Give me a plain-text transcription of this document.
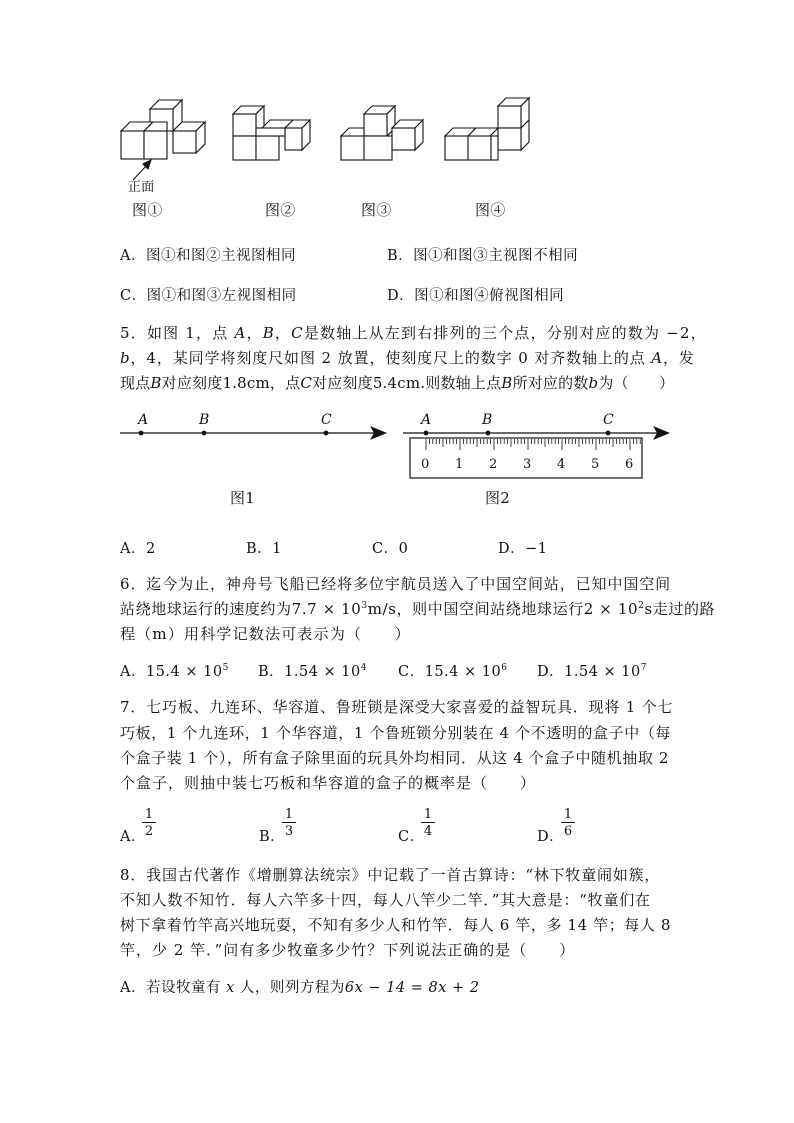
正面
图①	图②	图③	图④
A．图①和图②主视图相同	B．图①和图③主视图不相同
C．图①和图③左视图相同	D．图①和图④俯视图相同
5．如图 1，点 A，B，C是数轴上从左到右排列的三个点，分别对应的数为 −2，
b，4，某同学将刻度尺如图 2 放置，使刻度尺上的数字 0 对齐数轴上的点 A，发
现点B对应刻度1.8cm，点C对应刻度5.4cm.则数轴上点B所对应的数b为（　　）
A	B	C
图1
A	B	C
0 1 2 3 4 5 6
图2
A．2	B．1	C．0	D．−1
6．迄今为止，神舟号飞船已经将多位宇航员送入了中国空间站，已知中国空间
站绕地球运行的速度约为$7.7 \times 10^3m/s$，则中国空间站绕地球运行$2 \times 10^2s$走过的路
程（m）用科学记数法可表示为（　　）
A．$15.4 \times 10^5$ B．$1.54 \times 10^4$ C．$15.4 \times 10^6$ D．$1.54 \times 10^7$
7．七巧板、九连环、华容道、鲁班锁是深受大家喜爱的益智玩具．现将 1 个七
巧板，1 个九连环，1 个华容道，1 个鲁班锁分别装在 4 个不透明的盒子中（每
个盒子装 1 个），所有盒子除里面的玩具外均相同．从这 4 个盒子中随机抽取 2
个盒子，则抽中装七巧板和华容道的盒子的概率是（　　）
A．
$\frac{1}{2}$	B．
$\frac{1}{3}$	C．
$\frac{1}{4}$	D．
$\frac{1}{6}$
8．我国古代著作《增删算法统宗》中记载了一首古算诗：“林下牧童闹如簇，
不知人数不知竹．每人六竿多十四，每人八竿少二竿．”其大意是：“牧童们在
树下拿着竹竿高兴地玩耍，不知有多少人和竹竿．每人 6 竿，多 14 竿；每人 8
竿，少 2 竿．”问有多少牧童多少竹？下列说法正确的是（　　）
A．若设牧童有 x 人，则列方程为6x − 14 = 8x + 2
